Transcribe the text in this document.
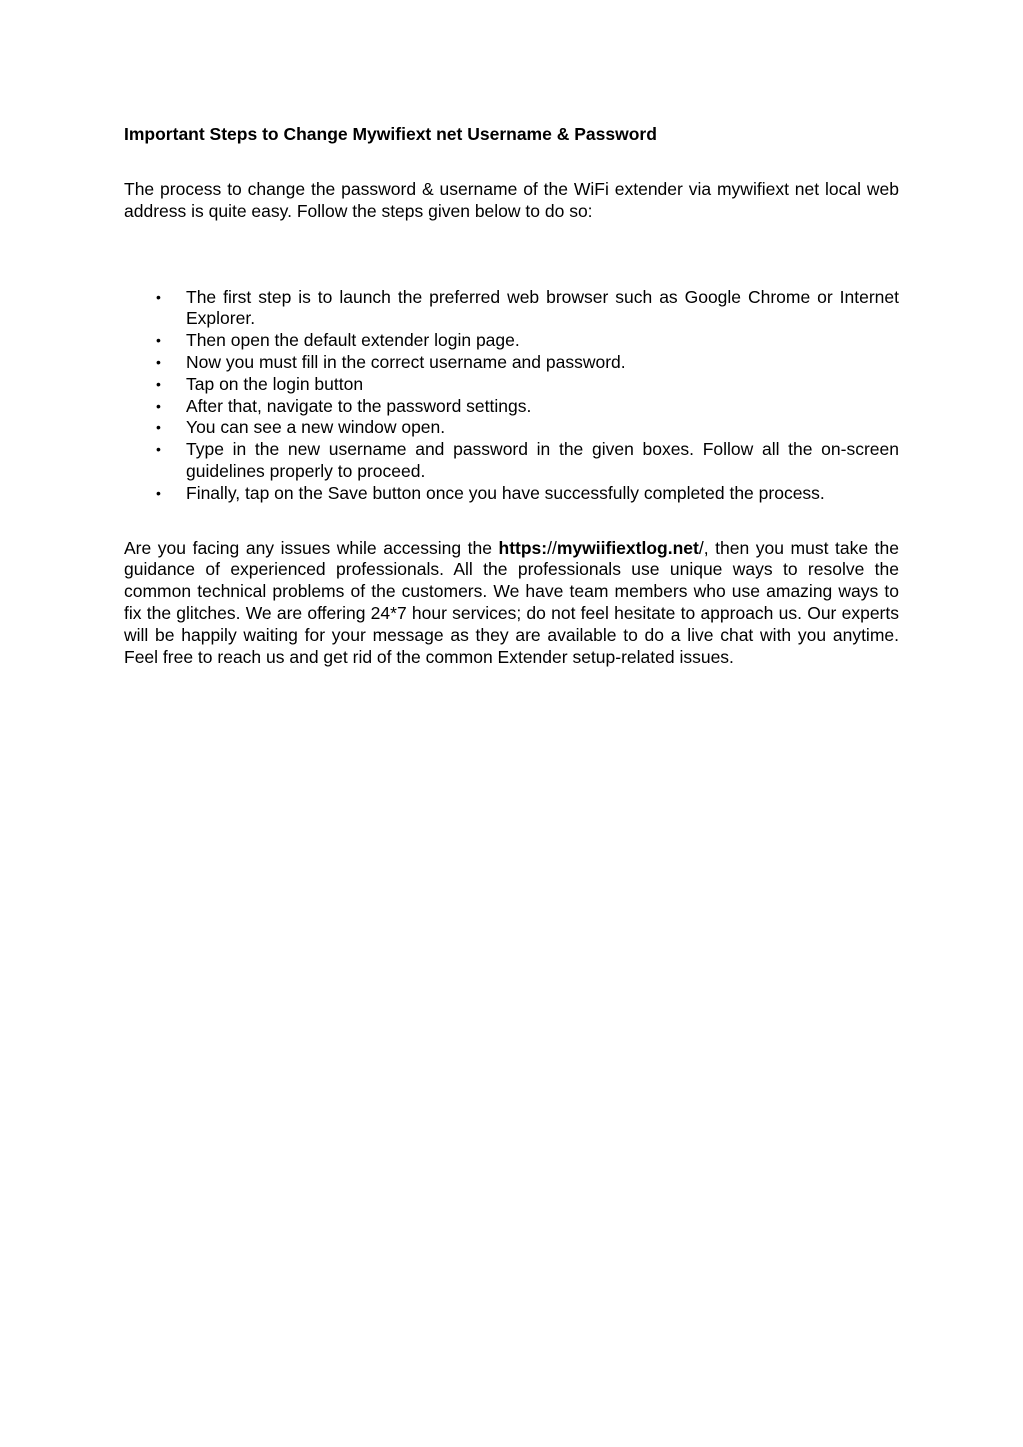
Important Steps to Change Mywifiext net Username & Password

The process to change the password & username of the WiFi extender via mywifiext net local web address is quite easy. Follow the steps given below to do so:

• The first step is to launch the preferred web browser such as Google Chrome or Internet Explorer.
• Then open the default extender login page.
• Now you must fill in the correct username and password.
• Tap on the login button
• After that, navigate to the password settings.
• You can see a new window open.
• Type in the new username and password in the given boxes. Follow all the on-screen guidelines properly to proceed.
• Finally, tap on the Save button once you have successfully completed the process.

Are you facing any issues while accessing the https://mywiifiextlog.net/, then you must take the guidance of experienced professionals. All the professionals use unique ways to resolve the common technical problems of the customers. We have team members who use amazing ways to fix the glitches. We are offering 24*7 hour services; do not feel hesitate to approach us. Our experts will be happily waiting for your message as they are available to do a live chat with you anytime. Feel free to reach us and get rid of the common Extender setup-related issues.
